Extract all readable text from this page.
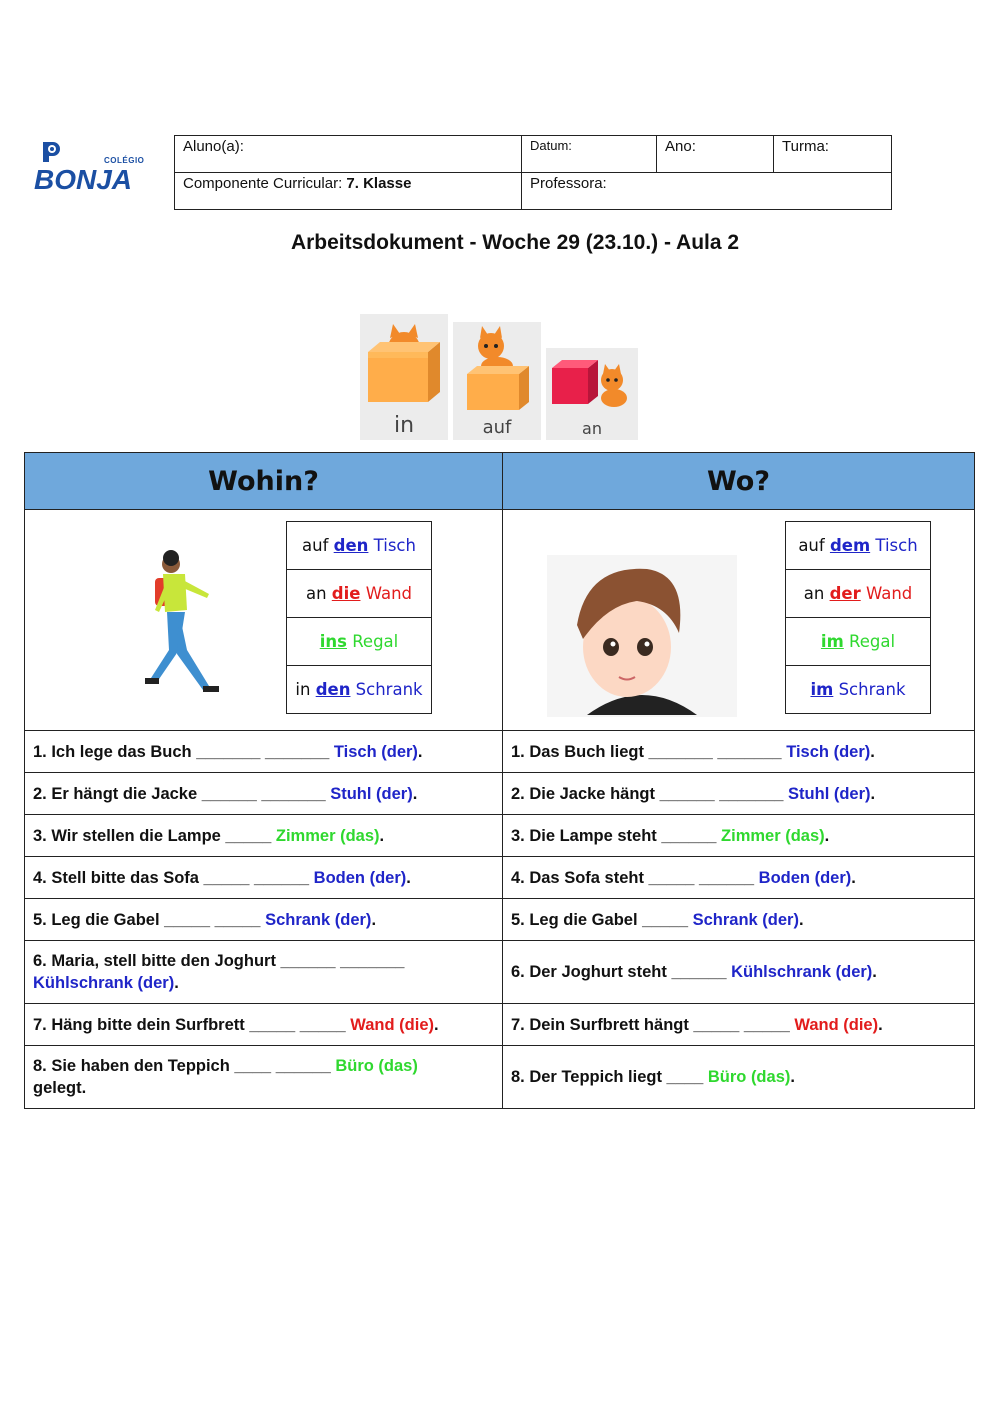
COLÉGIO
BONJA
Aluno(a):	Datum:	Ano:	Turma:
Componente Curricular: 7. Klasse	Professora:		
Arbeitsdokument - Woche 29 (23.10.) - Aula 2
in	auf	an
Wohin?	Wo?

auf den Tisch
an die Wand
ins Regal
in den Schrank

auf dem Tisch
an der Wand
im Regal
im Schrank

1. Ich lege das Buch _______ _______ Tisch (der).	1. Das Buch liegt _______ _______ Tisch (der).
2. Er hängt die Jacke ______ _______ Stuhl (der).	2. Die Jacke hängt ______ _______ Stuhl (der).
3. Wir stellen die Lampe _____ Zimmer (das).	3. Die Lampe steht ______ Zimmer (das).
4. Stell bitte das Sofa _____ ______ Boden (der).	4. Das Sofa steht _____ ______ Boden (der).
5. Leg die Gabel _____ _____ Schrank (der).	5. Leg die Gabel _____ Schrank (der).
6. Maria, stell bitte den Joghurt ______ _______
Kühlschrank (der).	6. Der Joghurt steht ______ Kühlschrank (der).
7. Häng bitte dein Surfbrett _____ _____ Wand (die).	7. Dein Surfbrett hängt _____ _____ Wand (die).
8. Sie haben den Teppich ____ ______ Büro (das)
gelegt.	8. Der Teppich liegt ____ Büro (das).
